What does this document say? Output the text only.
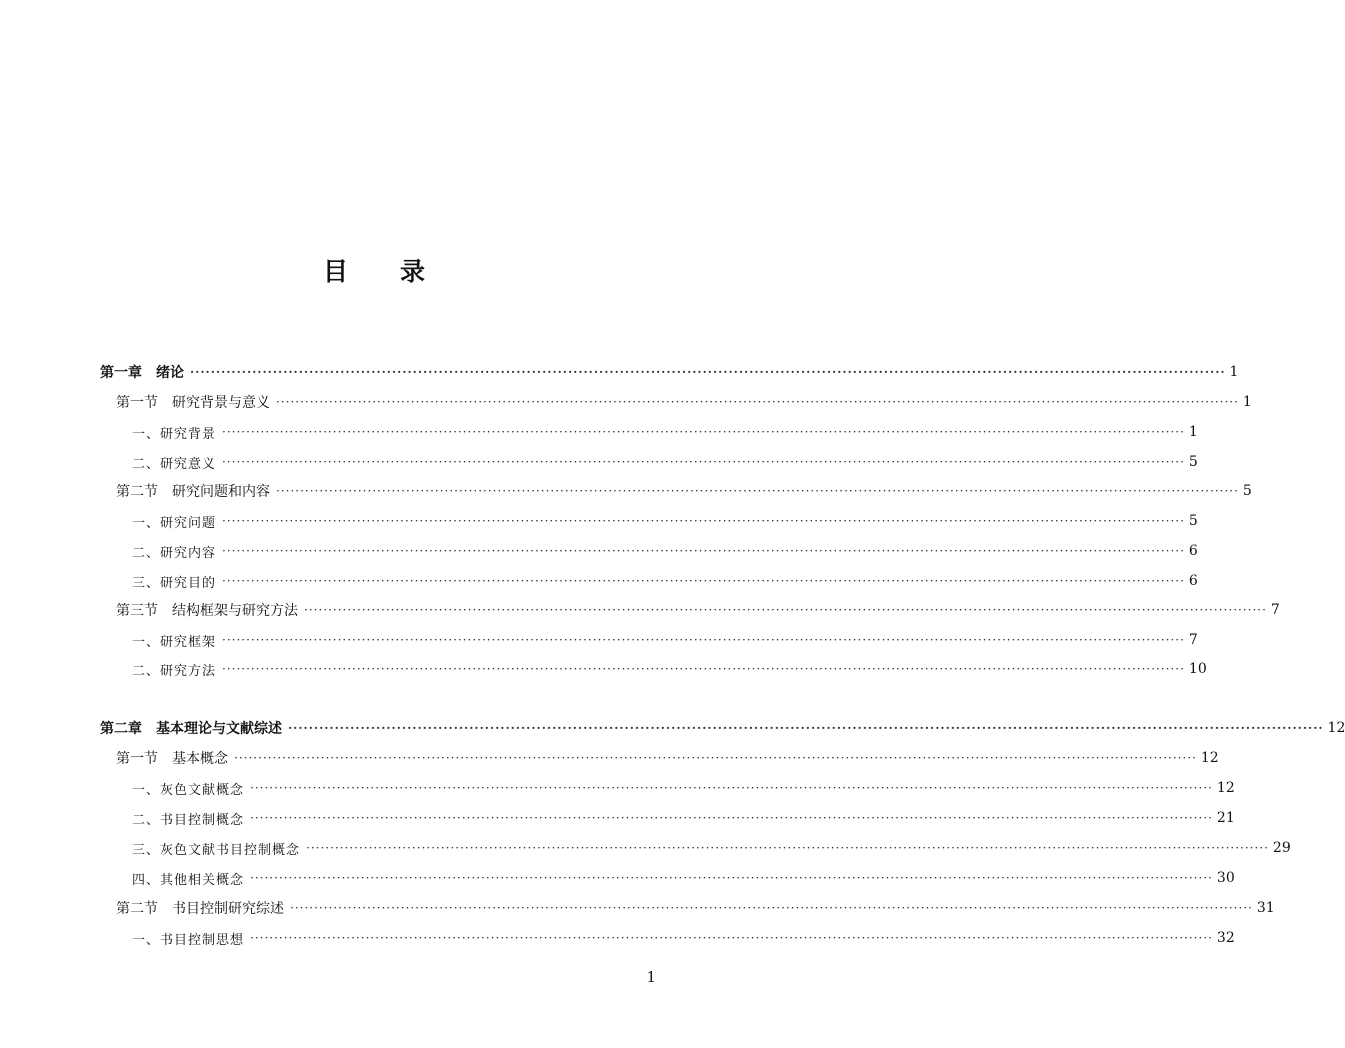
目 录
第一章　绪论 ········································································································································································································ 1
第一节　研究背景与意义 ········································································································································································································ 1
一、研究背景 ········································································································································································································ 1
二、研究意义 ········································································································································································································ 5
第二节　研究问题和内容 ········································································································································································································ 5
一、研究问题 ········································································································································································································ 5
二、研究内容 ········································································································································································································ 6
三、研究目的 ········································································································································································································ 6
第三节　结构框架与研究方法 ········································································································································································································ 7
一、研究框架 ········································································································································································································ 7
二、研究方法 ········································································································································································································ 10
第二章　基本理论与文献综述 ········································································································································································································ 12
第一节　基本概念 ········································································································································································································ 12
一、灰色文献概念 ········································································································································································································ 12
二、书目控制概念 ········································································································································································································ 21
三、灰色文献书目控制概念 ········································································································································································································ 29
四、其他相关概念 ········································································································································································································ 30
第二节　书目控制研究综述 ········································································································································································································ 31
一、书目控制思想 ········································································································································································································ 32
1
